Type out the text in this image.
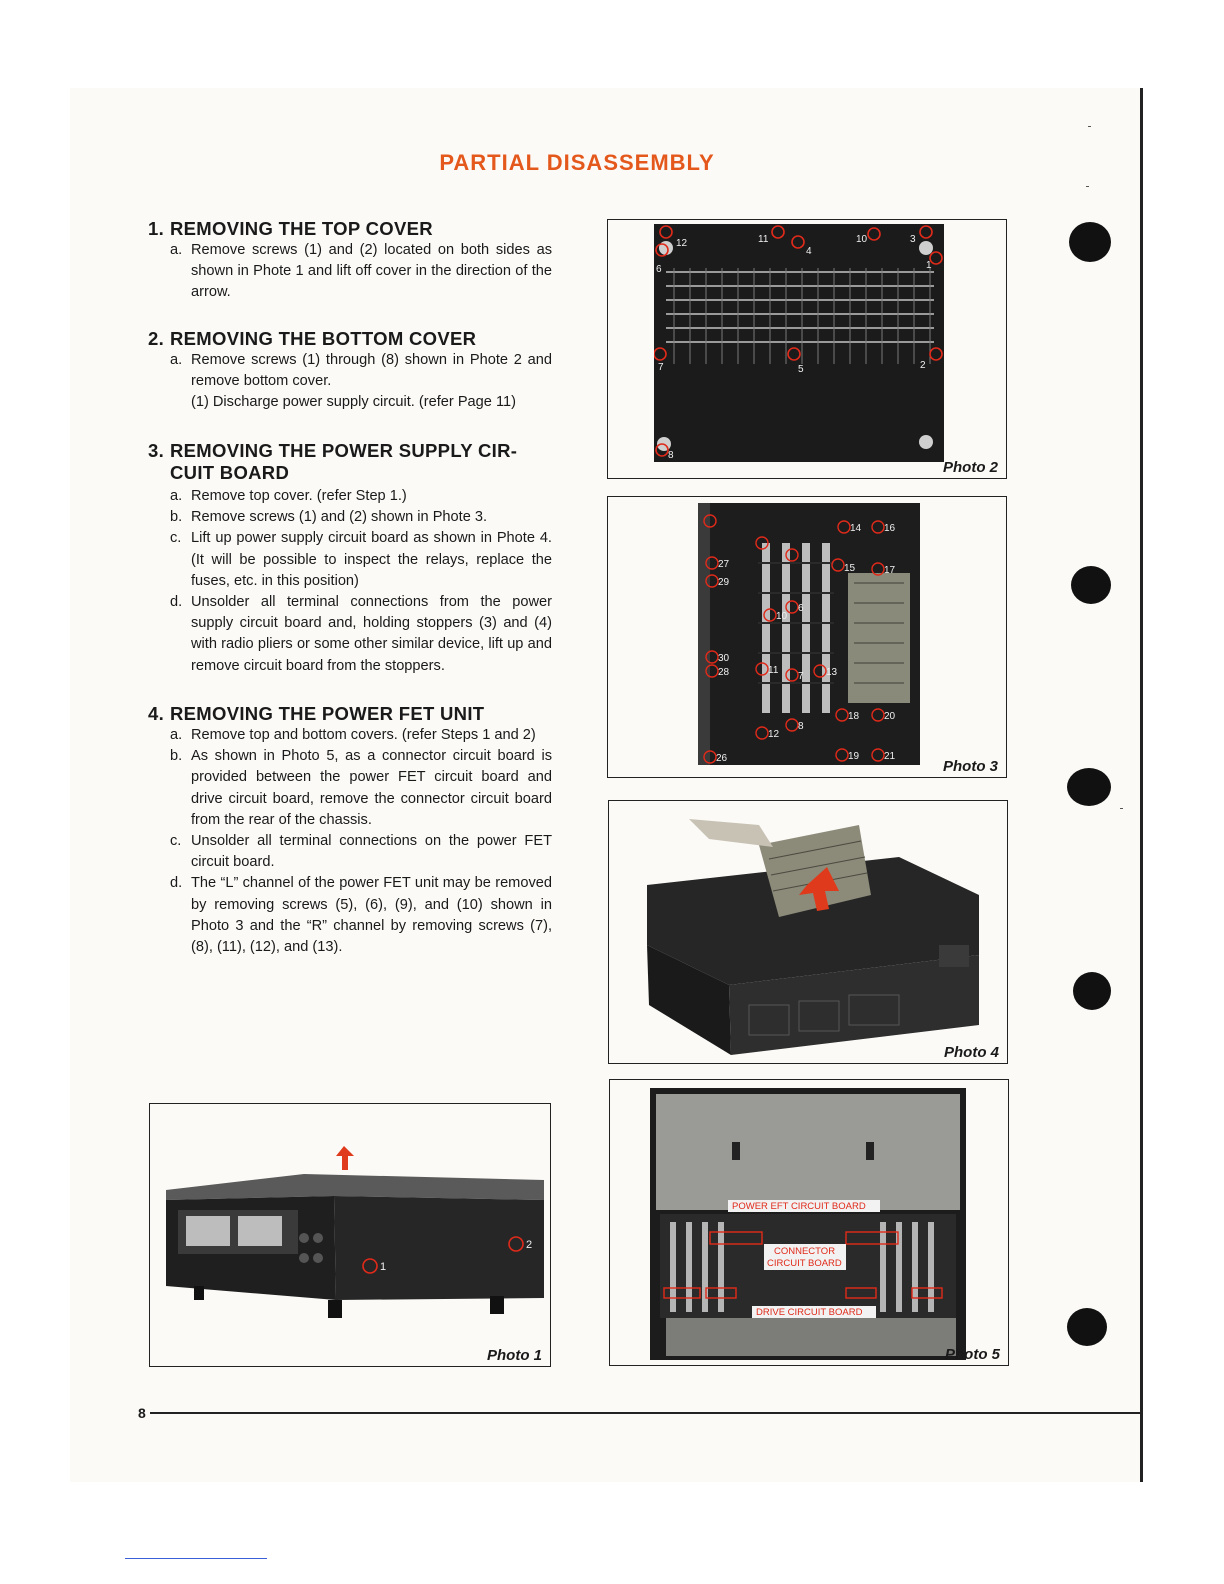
PARTIAL DISASSEMBLY

1. REMOVING THE TOP COVER

a. Remove screws (1) and (2) located on both sides as shown in Phote 1 and lift off cover in the direction of the arrow.

2. REMOVING THE BOTTOM COVER

a. Remove screws (1) through (8) shown in Phote 2 and remove bottom cover.

(1) Discharge power supply circuit. (refer Page 11)

3. REMOVING THE POWER SUPPLY CIR-

CUIT BOARD

a. Remove top cover. (refer Step 1.)

b. Remove screws (1) and (2) shown in Phote 3.

c. Lift up power supply circuit board as shown in Phote 4. (It will be possible to inspect the relays, replace the fuses, etc. in this position)

d. Unsolder all terminal connections from the power supply circuit board and, holding stoppers (3) and (4) with radio pliers or some other similar device, lift up and remove circuit board from the stoppers.

4. REMOVING THE POWER FET UNIT

a. Remove top and bottom covers. (refer Steps 1 and 2)

b. As shown in Photo 5, as a connector circuit board is provided between the power FET circuit board and drive circuit board, remove the connector circuit board from the rear of the chassis.

c. Unsolder all terminal connections on the power FET circuit board.

d. The “L” channel of the power FET unit may be removed by removing screws (5), (6), (9), and (10) shown in Photo 3 and the “R” channel by removing screws (7), (8), (11), (12), and (13).

12	11
4
10	3
6	1
7	5	2
8
Photo 2
14 16
15	17
27
29
10
6
30
28	11
7 13
18 20
8
12
19 21
26	Photo 3
Photo 4
1
2
Photo 1
POWER EFT CIRCUIT BOARD
CONNECTOR
CIRCUIT BOARD
DRIVE CIRCUIT BOARD
Photo 5
8
